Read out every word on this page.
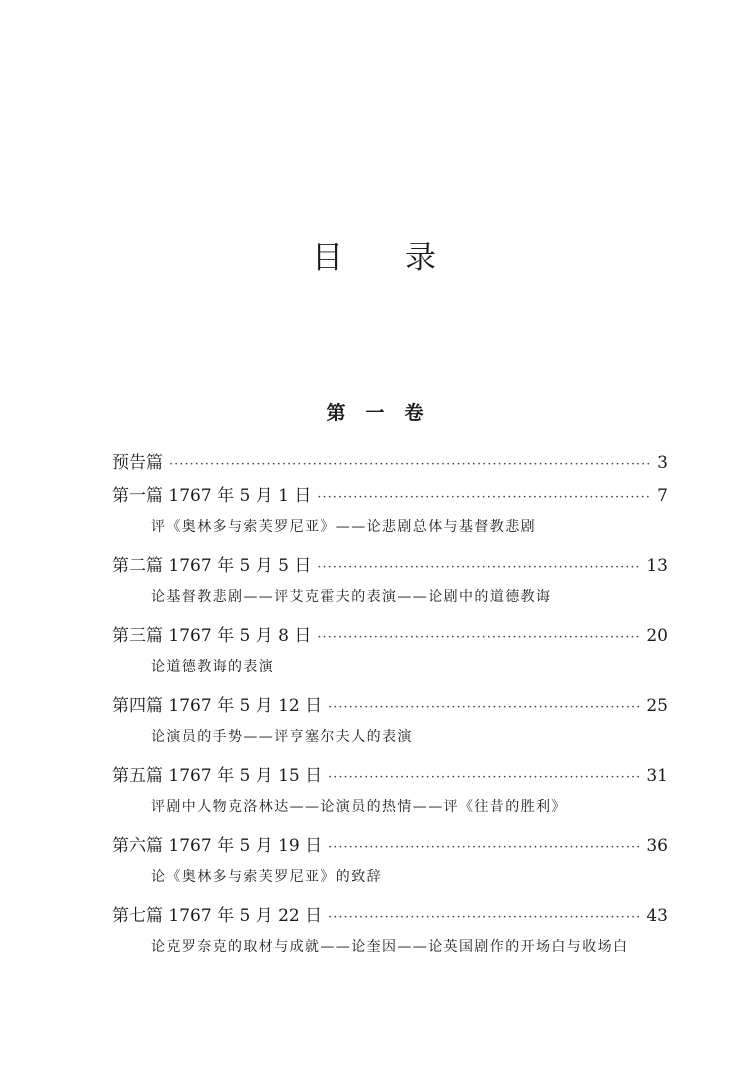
目 录
第 一 卷
预告篇 ·····	3
第一篇 1767 年 5 月 1 日 ·····	7
评《奥林多与索芙罗尼亚》——论悲剧总体与基督教悲剧
第二篇 1767 年 5 月 5 日 ·····	13
论基督教悲剧——评艾克霍夫的表演——论剧中的道德教诲
第三篇 1767 年 5 月 8 日 ·····	20
论道德教诲的表演
第四篇 1767 年 5 月 12 日 ·····	25
论演员的手势——评亨塞尔夫人的表演
第五篇 1767 年 5 月 15 日 ·····	31
评剧中人物克洛林达——论演员的热情——评《往昔的胜利》
第六篇 1767 年 5 月 19 日 ·····	36
论《奥林多与索芙罗尼亚》的致辞
第七篇 1767 年 5 月 22 日 ·····	43
论克罗奈克的取材与成就——论奎因——论英国剧作的开场白与收场白
